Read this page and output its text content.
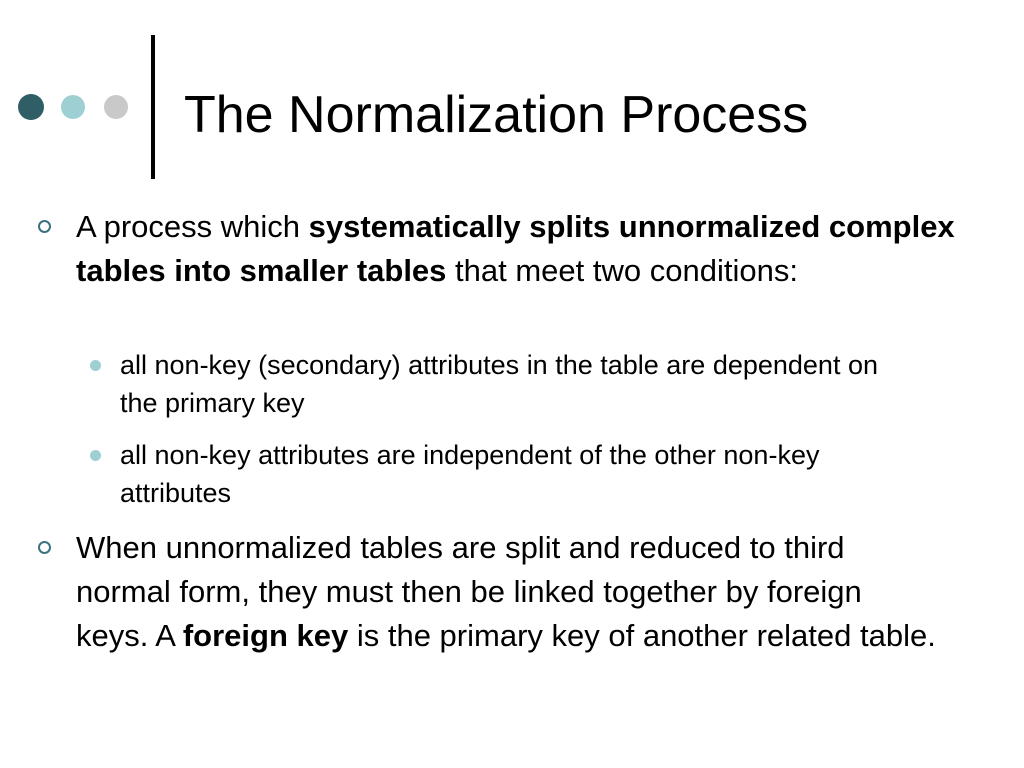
The Normalization Process
A process which systematically splits unnormalized complex tables into smaller tables that meet two conditions:
all non-key (secondary) attributes in the table are dependent on the primary key
all non-key attributes are independent of the other non-key attributes
When unnormalized tables are split and reduced to third normal form, they must then be linked together by foreign keys. A foreign key is the primary key of another related table.
